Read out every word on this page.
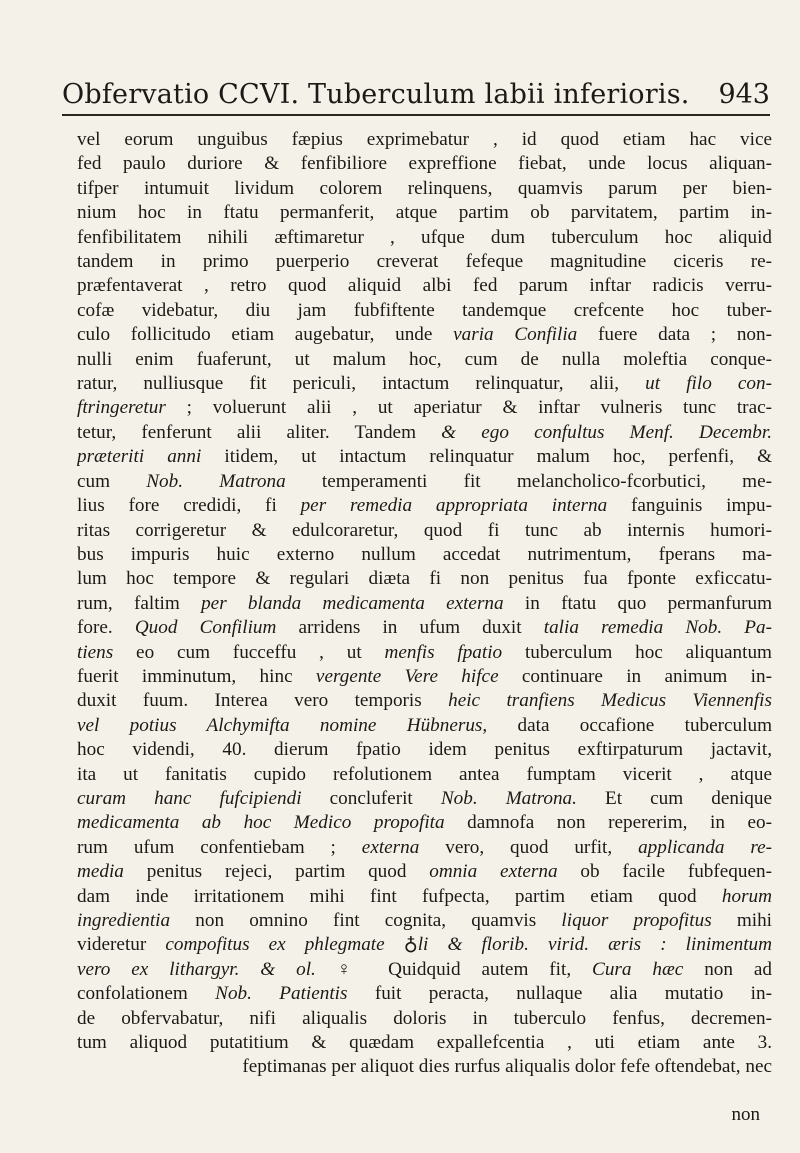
Obfervatio CCVI. Tuberculum labii inferioris. 943
vel eorum unguibus fæpius exprimebatur , id quod etiam hac vice
fed paulo duriore & fenfibiliore expreffione fiebat, unde locus aliquan-
tifper intumuit lividum colorem relinquens, quamvis parum per bien-
nium hoc in ftatu permanferit, atque partim ob parvitatem, partim in-
fenfibilitatem nihili æftimaretur , ufque dum tuberculum hoc aliquid
tandem in primo puerperio creverat fefeque magnitudine ciceris re-
præfentaverat , retro quod aliquid albi fed parum inftar radicis verru-
cofæ videbatur, diu jam fubfiftente tandemque crefcente hoc tuber-
culo follicitudo etiam augebatur, unde varia Confilia fuere data ; non-
nulli enim fuaferunt, ut malum hoc, cum de nulla moleftia conque-
ratur, nulliusque fit periculi, intactum relinquatur, alii, ut filo con-
ftringeretur ; voluerunt alii , ut aperiatur & inftar vulneris tunc trac-
tetur, fenferunt alii aliter. Tandem & ego confultus Menf. Decembr.
præteriti anni itidem, ut intactum relinquatur malum hoc, perfenfi, &
cum Nob. Matrona temperamenti fit melancholico-fcorbutici, me-
lius fore credidi, fi per remedia appropriata interna fanguinis impu-
ritas corrigeretur & edulcoraretur, quod fi tunc ab internis humori-
bus impuris huic externo nullum accedat nutrimentum, fperans ma-
lum hoc tempore & regulari diæta fi non penitus fua fponte exficcatu-
rum, faltim per blanda medicamenta externa in ftatu quo permanfurum
fore. Quod Confilium arridens in ufum duxit talia remedia Nob. Pa-
tiens eo cum fucceffu , ut menfis fpatio tuberculum hoc aliquantum
fuerit imminutum, hinc vergente Vere hifce continuare in animum in-
duxit fuum. Interea vero temporis heic tranfiens Medicus Viennenfis
vel potius Alchymifta nomine Hübnerus, data occafione tuberculum
hoc videndi, 40. dierum fpatio idem penitus exftirpaturum jactavit,
ita ut fanitatis cupido refolutionem antea fumptam vicerit , atque
curam hanc fufcipiendi concluferit Nob. Matrona. Et cum denique
medicamenta ab hoc Medico propofita damnofa non repererim, in eo-
rum ufum confentiebam ; externa vero, quod urfit, applicanda re-
media penitus rejeci, partim quod omnia externa ob facile fubfequen-
dam inde irritationem mihi fint fufpecta, partim etiam quod horum
ingredientia non omnino fint cognita, quamvis liquor propofitus mihi
videretur compofitus ex phlegmate ♁li & florib. virid. æris : linimentum
vero ex lithargyr. & ol. ♀ Quidquid autem fit, Cura hæc non ad
confolationem Nob. Patientis fuit peracta, nullaque alia mutatio in-
de obfervabatur, nifi aliqualis doloris in tuberculo fenfus, decremen-
tum aliquod putatitium & quædam expallefcentia , uti etiam ante 3.
feptimanas per aliquot dies rurfus aliqualis dolor fefe oftendebat, nec
non
